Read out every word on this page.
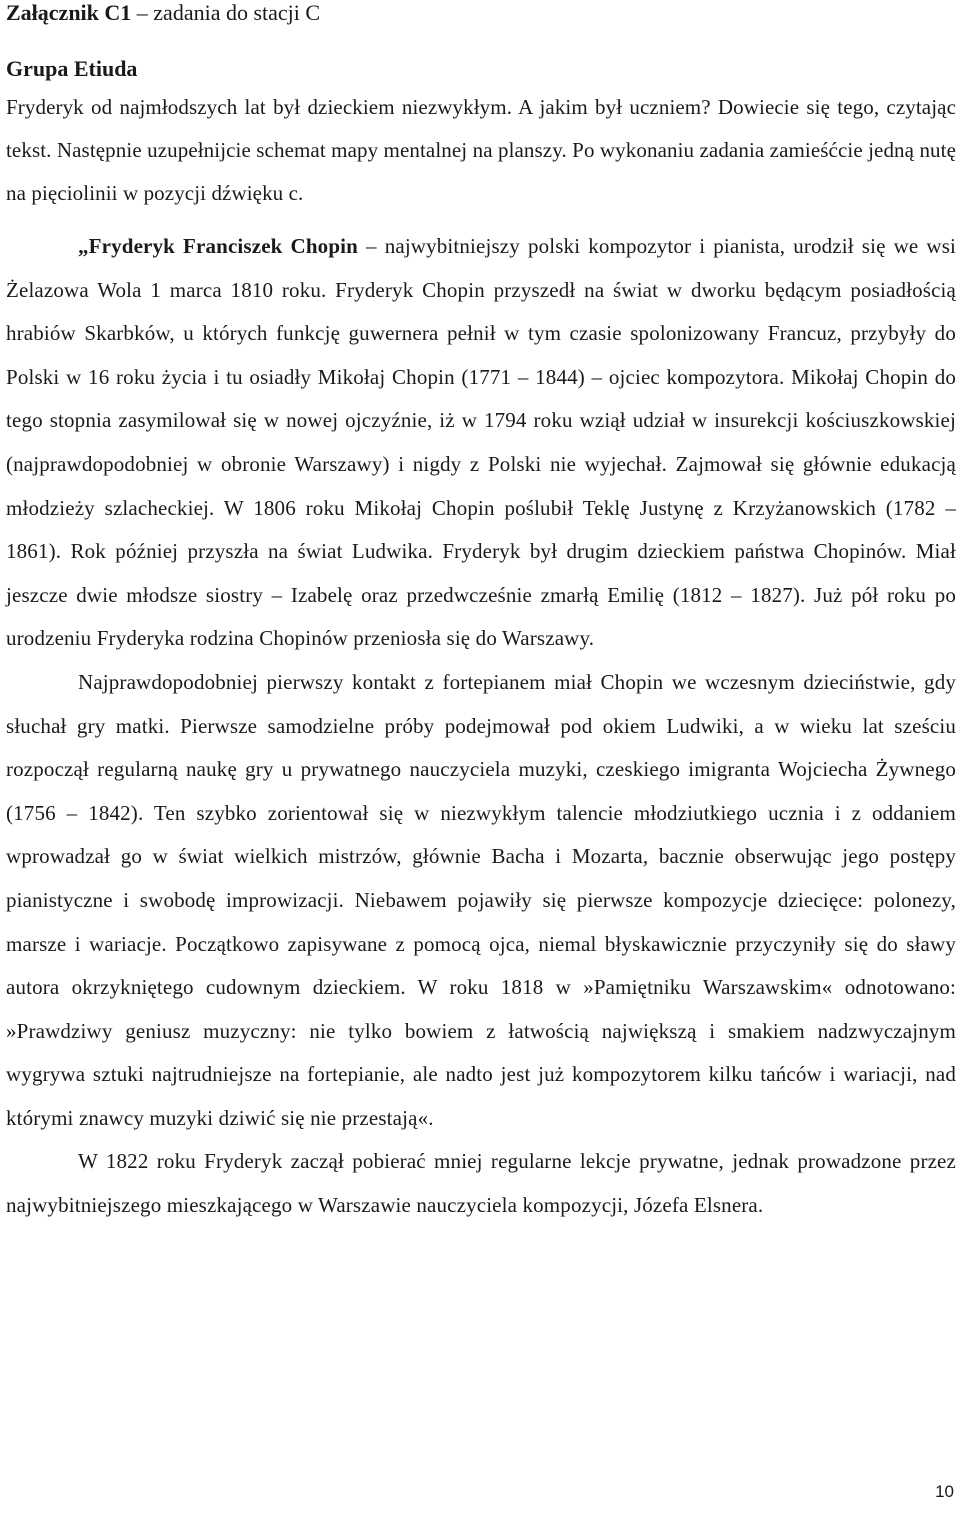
Załącznik C1 – zadania do stacji C

Grupa Etiuda

Fryderyk od najmłodszych lat był dzieckiem niezwykłym. A jakim był uczniem? Dowiecie się tego, czytając tekst. Następnie uzupełnijcie schemat mapy mentalnej na planszy. Po wykonaniu zadania zamieśćcie jedną nutę na pięciolinii w pozycji dźwięku c.

„Fryderyk Franciszek Chopin – najwybitniejszy polski kompozytor i pianista, urodził się we wsi Żelazowa Wola 1 marca 1810 roku. Fryderyk Chopin przyszedł na świat w dworku będącym posiadłością hrabiów Skarbków, u których funkcję guwernera pełnił w tym czasie spolonizowany Francuz, przybyły do Polski w 16 roku życia i tu osiadły Mikołaj Chopin (1771 – 1844) – ojciec kompozytora. Mikołaj Chopin do tego stopnia zasymilował się w nowej ojczyźnie, iż w 1794 roku wziął udział w insurekcji kościuszkowskiej (najprawdopodobniej w obronie Warszawy) i nigdy z Polski nie wyjechał. Zajmował się głównie edukacją młodzieży szlacheckiej. W 1806 roku Mikołaj Chopin poślubił Teklę Justynę z Krzyżanowskich (1782 – 1861). Rok później przyszła na świat Ludwika. Fryderyk był drugim dzieckiem państwa Chopinów. Miał jeszcze dwie młodsze siostry – Izabelę oraz przedwcześnie zmarłą Emilię (1812 – 1827). Już pół roku po urodzeniu Fryderyka rodzina Chopinów przeniosła się do Warszawy.

Najprawdopodobniej pierwszy kontakt z fortepianem miał Chopin we wczesnym dzieciństwie, gdy słuchał gry matki. Pierwsze samodzielne próby podejmował pod okiem Ludwiki, a w wieku lat sześciu rozpoczął regularną naukę gry u prywatnego nauczyciela muzyki, czeskiego imigranta Wojciecha Żywnego (1756 – 1842). Ten szybko zorientował się w niezwykłym talencie młodziutkiego ucznia i z oddaniem wprowadzał go w świat wielkich mistrzów, głównie Bacha i Mozarta, bacznie obserwując jego postępy pianistyczne i swobodę improwizacji. Niebawem pojawiły się pierwsze kompozycje dziecięce: polonezy, marsze i wariacje. Początkowo zapisywane z pomocą ojca, niemal błyskawicznie przyczyniły się do sławy autora okrzykniętego cudownym dzieckiem. W roku 1818 w »Pamiętniku Warszawskim« odnotowano: »Prawdziwy geniusz muzyczny: nie tylko bowiem z łatwością największą i smakiem nadzwyczajnym wygrywa sztuki najtrudniejsze na fortepianie, ale nadto jest już kompozytorem kilku tańców i wariacji, nad którymi znawcy muzyki dziwić się nie przestają«.

W 1822 roku Fryderyk zaczął pobierać mniej regularne lekcje prywatne, jednak prowadzone przez najwybitniejszego mieszkającego w Warszawie nauczyciela kompozycji, Józefa Elsnera.

10
